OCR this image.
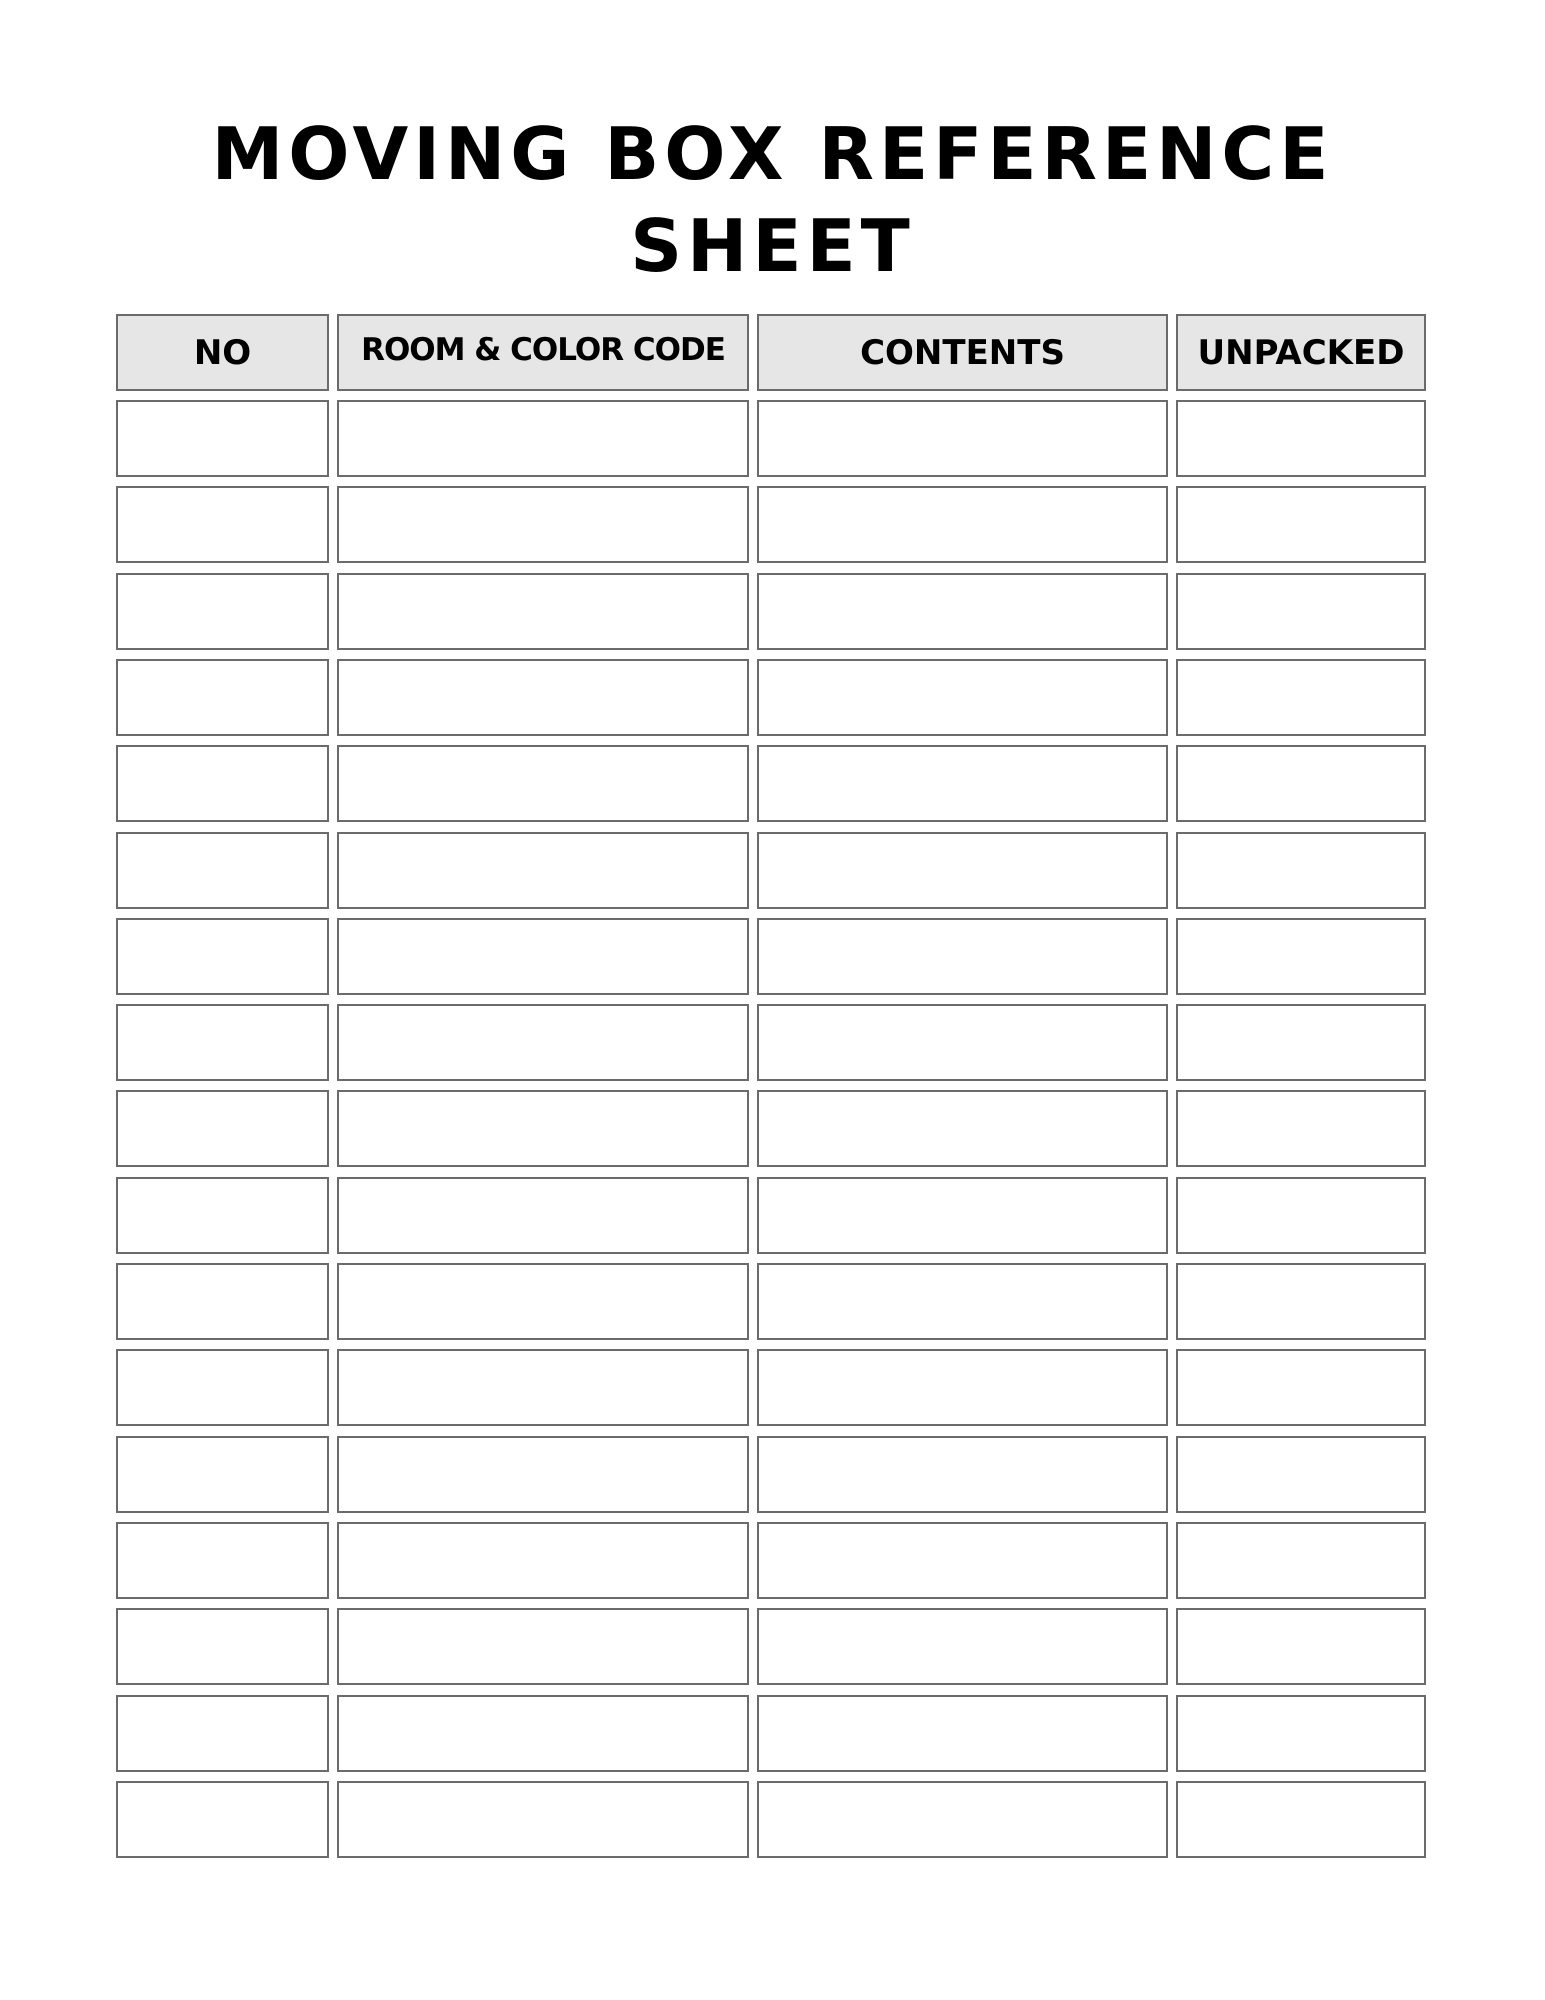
MOVING BOX REFERENCE
SHEET
NO	ROOM & COLOR CODE	CONTENTS	UNPACKED
